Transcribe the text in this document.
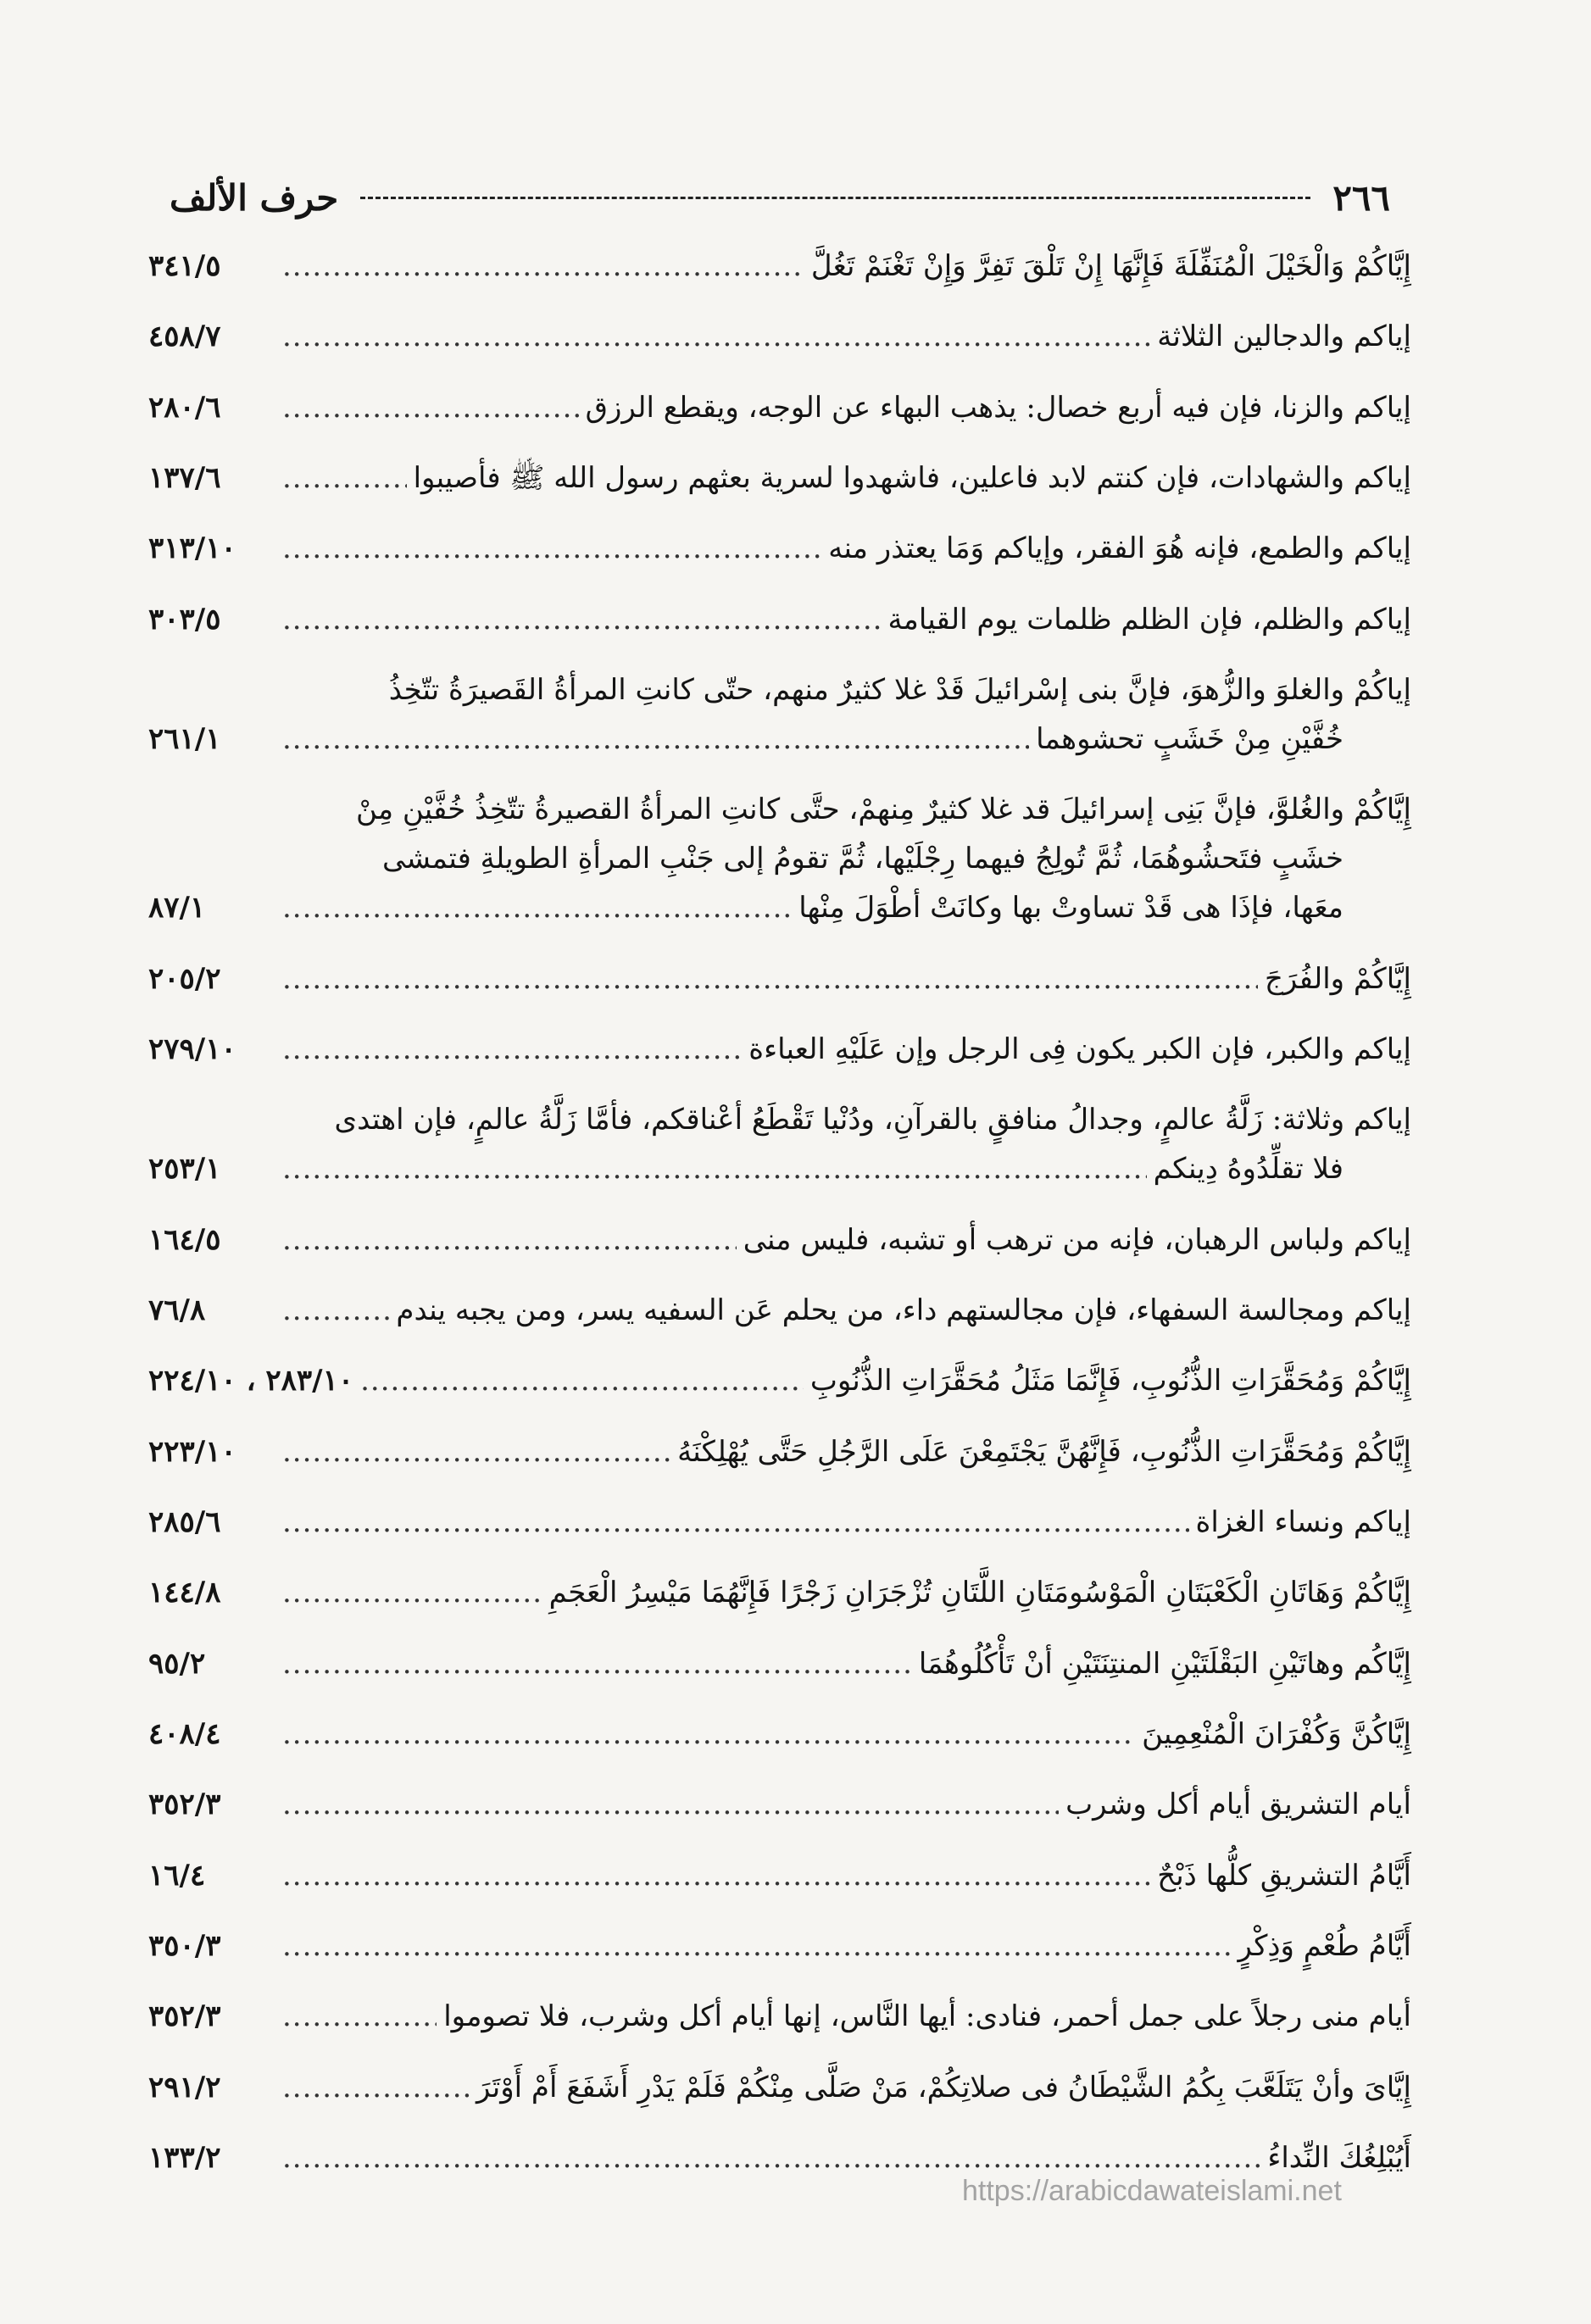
٢٦٦
حرف الألف
إِيَّاكُمْ وَالْخَيْلَ الْمُنَفِّلَةَ فَإِنَّهَا إِنْ تَلْقَ تَفِرَّ وَإِنْ تَغْنَمْ تَغُلَّ
.....
٣٤١/٥
إياكم والدجالين الثلاثة
.....
٤٥٨/٧
إياكم والزنا، فإن فيه أربع خصال: يذهب البهاء عن الوجه، ويقطع الرزق
.....
٢٨٠/٦
إياكم والشهادات، فإن كنتم لابد فاعلين، فاشهدوا لسرية بعثهم رسول الله ﷺ فأصيبوا
.....
١٣٧/٦
إياكم والطمع، فإنه هُوَ الفقر، وإياكم وَمَا يعتذر منه
.....
٣١٣/١٠
إياكم والظلم، فإن الظلم ظلمات يوم القيامة
.....
٣٠٣/٥
إياكُمْ والغلوَ والزُّهوَ، فإنَّ بنى إسْرائيلَ قَدْ غلا كثيرٌ منهم، حتّى كانتِ المرأةُ القَصيرَةُ تتّخِذُ
خُفَّيْنِ مِنْ خَشَبٍ تحشوهما
.....
٢٦١/١
إِيَّاكُمْ والغُلوَّ، فإنَّ بَنِى إسرائيلَ قد غلا كثيرٌ مِنهمْ، حتَّى كانتِ المرأةُ القصيرةُ تتّخِذُ خُفَّيْنِ مِنْ
خشَبٍ فتَحشُوهُمَا، ثُمَّ تُولِجُ فيهما رِجْلَيْها، ثُمَّ تقومُ إلى جَنْبِ المرأةِ الطويلةِ فتمشى
معَها، فإذَا هى قَدْ تساوتْ بها وكانَتْ أطْوَلَ مِنْها
.....
٨٧/١
إِيَّاكُمْ والفُرَجَ
.....
٢٠٥/٢
إياكم والكبر، فإن الكبر يكون فِى الرجل وإن عَلَيْهِ العباءة
.....
٢٧٩/١٠
إياكم وثلاثة: زَلَّةُ عالمٍ، وجدالُ منافقٍ بالقرآنِ، ودُنْيا تَقْطَعُ أعْناقكم، فأمَّا زَلَّةُ عالمٍ، فإن اهتدى
فلا تقلِّدُوهُ دِينكم
.....
٢٥٣/١
إياكم ولباس الرهبان، فإنه من ترهب أو تشبه، فليس منى
.....
١٦٤/٥
إياكم ومجالسة السفهاء، فإن مجالستهم داء، من يحلم عَن السفيه يسر، ومن يجبه يندم
.....
٧٦/٨
إِيَّاكُمْ وَمُحَقَّرَاتِ الذُّنُوبِ، فَإِنَّمَا مَثَلُ مُحَقَّرَاتِ الذُّنُوبِ
.....
٢٨٣/١٠ ، ٢٢٤/١٠
إِيَّاكُمْ وَمُحَقَّرَاتِ الذُّنُوبِ، فَإِنَّهُنَّ يَجْتَمِعْنَ عَلَى الرَّجُلِ حَتَّى يُهْلِكْنَهُ
.....
٢٢٣/١٠
إياكم ونساء الغزاة
.....
٢٨٥/٦
إِيَّاكُمْ وَهَاتَانِ الْكَعْبَتَانِ الْمَوْسُومَتَانِ اللَّتَانِ تُزْجَرَانِ زَجْرًا فَإِنَّهُمَا مَيْسِرُ الْعَجَمِ
.....
١٤٤/٨
إِيَّاكُم وهاتَيْنِ البَقْلَتَيْنِ المنتِنَتَيْنِ أنْ تَأْكُلُوهُمَا
.....
٩٥/٢
إِيَّاكُنَّ وَكُفْرَانَ الْمُنْعِمِينَ
.....
٤٠٨/٤
أيام التشريق أيام أكل وشرب
.....
٣٥٢/٣
أَيَّامُ التشريقِ كلُّها ذَبْحٌ
.....
١٦/٤
أَيَّامُ طُعْمٍ وَذِكْرٍ
.....
٣٥٠/٣
أيام منى رجلاً على جمل أحمر، فنادى: أيها النَّاس، إنها أيام أكل وشرب، فلا تصوموا
.....
٣٥٢/٣
إِيَّاىَ وأنْ يَتَلَعَّبَ بِكُمُ الشَّيْطَانُ فى صلاتِكُمْ، مَنْ صَلَّى مِنْكُمْ فَلَمْ يَدْرِ أَشَفَعَ أَمْ أَوْتَرَ
.....
٢٩١/٢
أَيُبْلِغُكَ النِّداءُ
.....
١٣٣/٢
https://arabicdawateislami.net
